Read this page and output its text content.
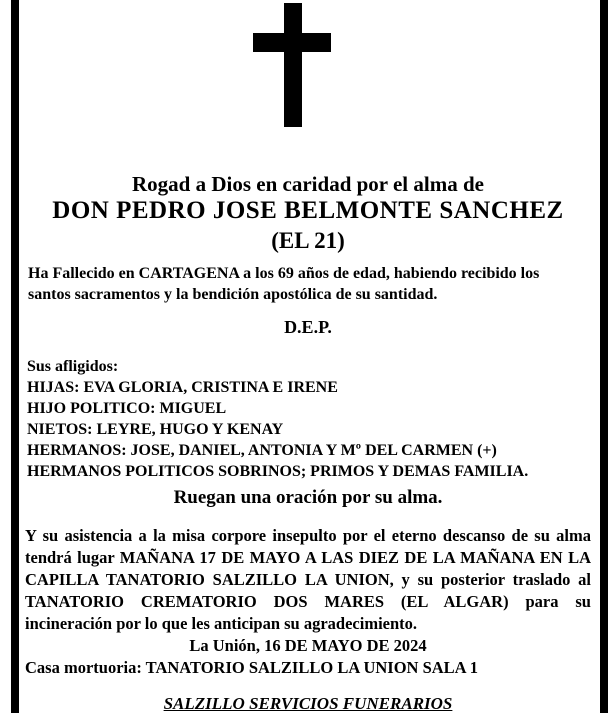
Rogad a Dios en caridad por el alma de
DON PEDRO JOSE BELMONTE SANCHEZ
(EL 21)
Ha Fallecido en CARTAGENA a los 69 años de edad, habiendo recibido los
santos sacramentos y la bendición apostólica de su santidad.
D.E.P.
Sus afligidos:
HIJAS: EVA GLORIA, CRISTINA E IRENE
HIJO POLITICO: MIGUEL
NIETOS: LEYRE, HUGO Y KENAY
HERMANOS: JOSE, DANIEL, ANTONIA Y Mº DEL CARMEN (+)
HERMANOS POLITICOS SOBRINOS; PRIMOS Y DEMAS FAMILIA.
Ruegan una oración por su alma.
Y su asistencia a la misa corpore insepulto por el eterno descanso de su alma
tendrá lugar MAÑANA 17 DE MAYO A LAS DIEZ DE LA MAÑANA EN LA
CAPILLA TANATORIO SALZILLO LA UNION, y su posterior traslado al
TANATORIO CREMATORIO DOS MARES (EL ALGAR) para su
incineración por lo que les anticipan su agradecimiento.
La Unión, 16 DE MAYO DE 2024
Casa mortuoria: TANATORIO SALZILLO LA UNION SALA 1
SALZILLO SERVICIOS FUNERARIOS
